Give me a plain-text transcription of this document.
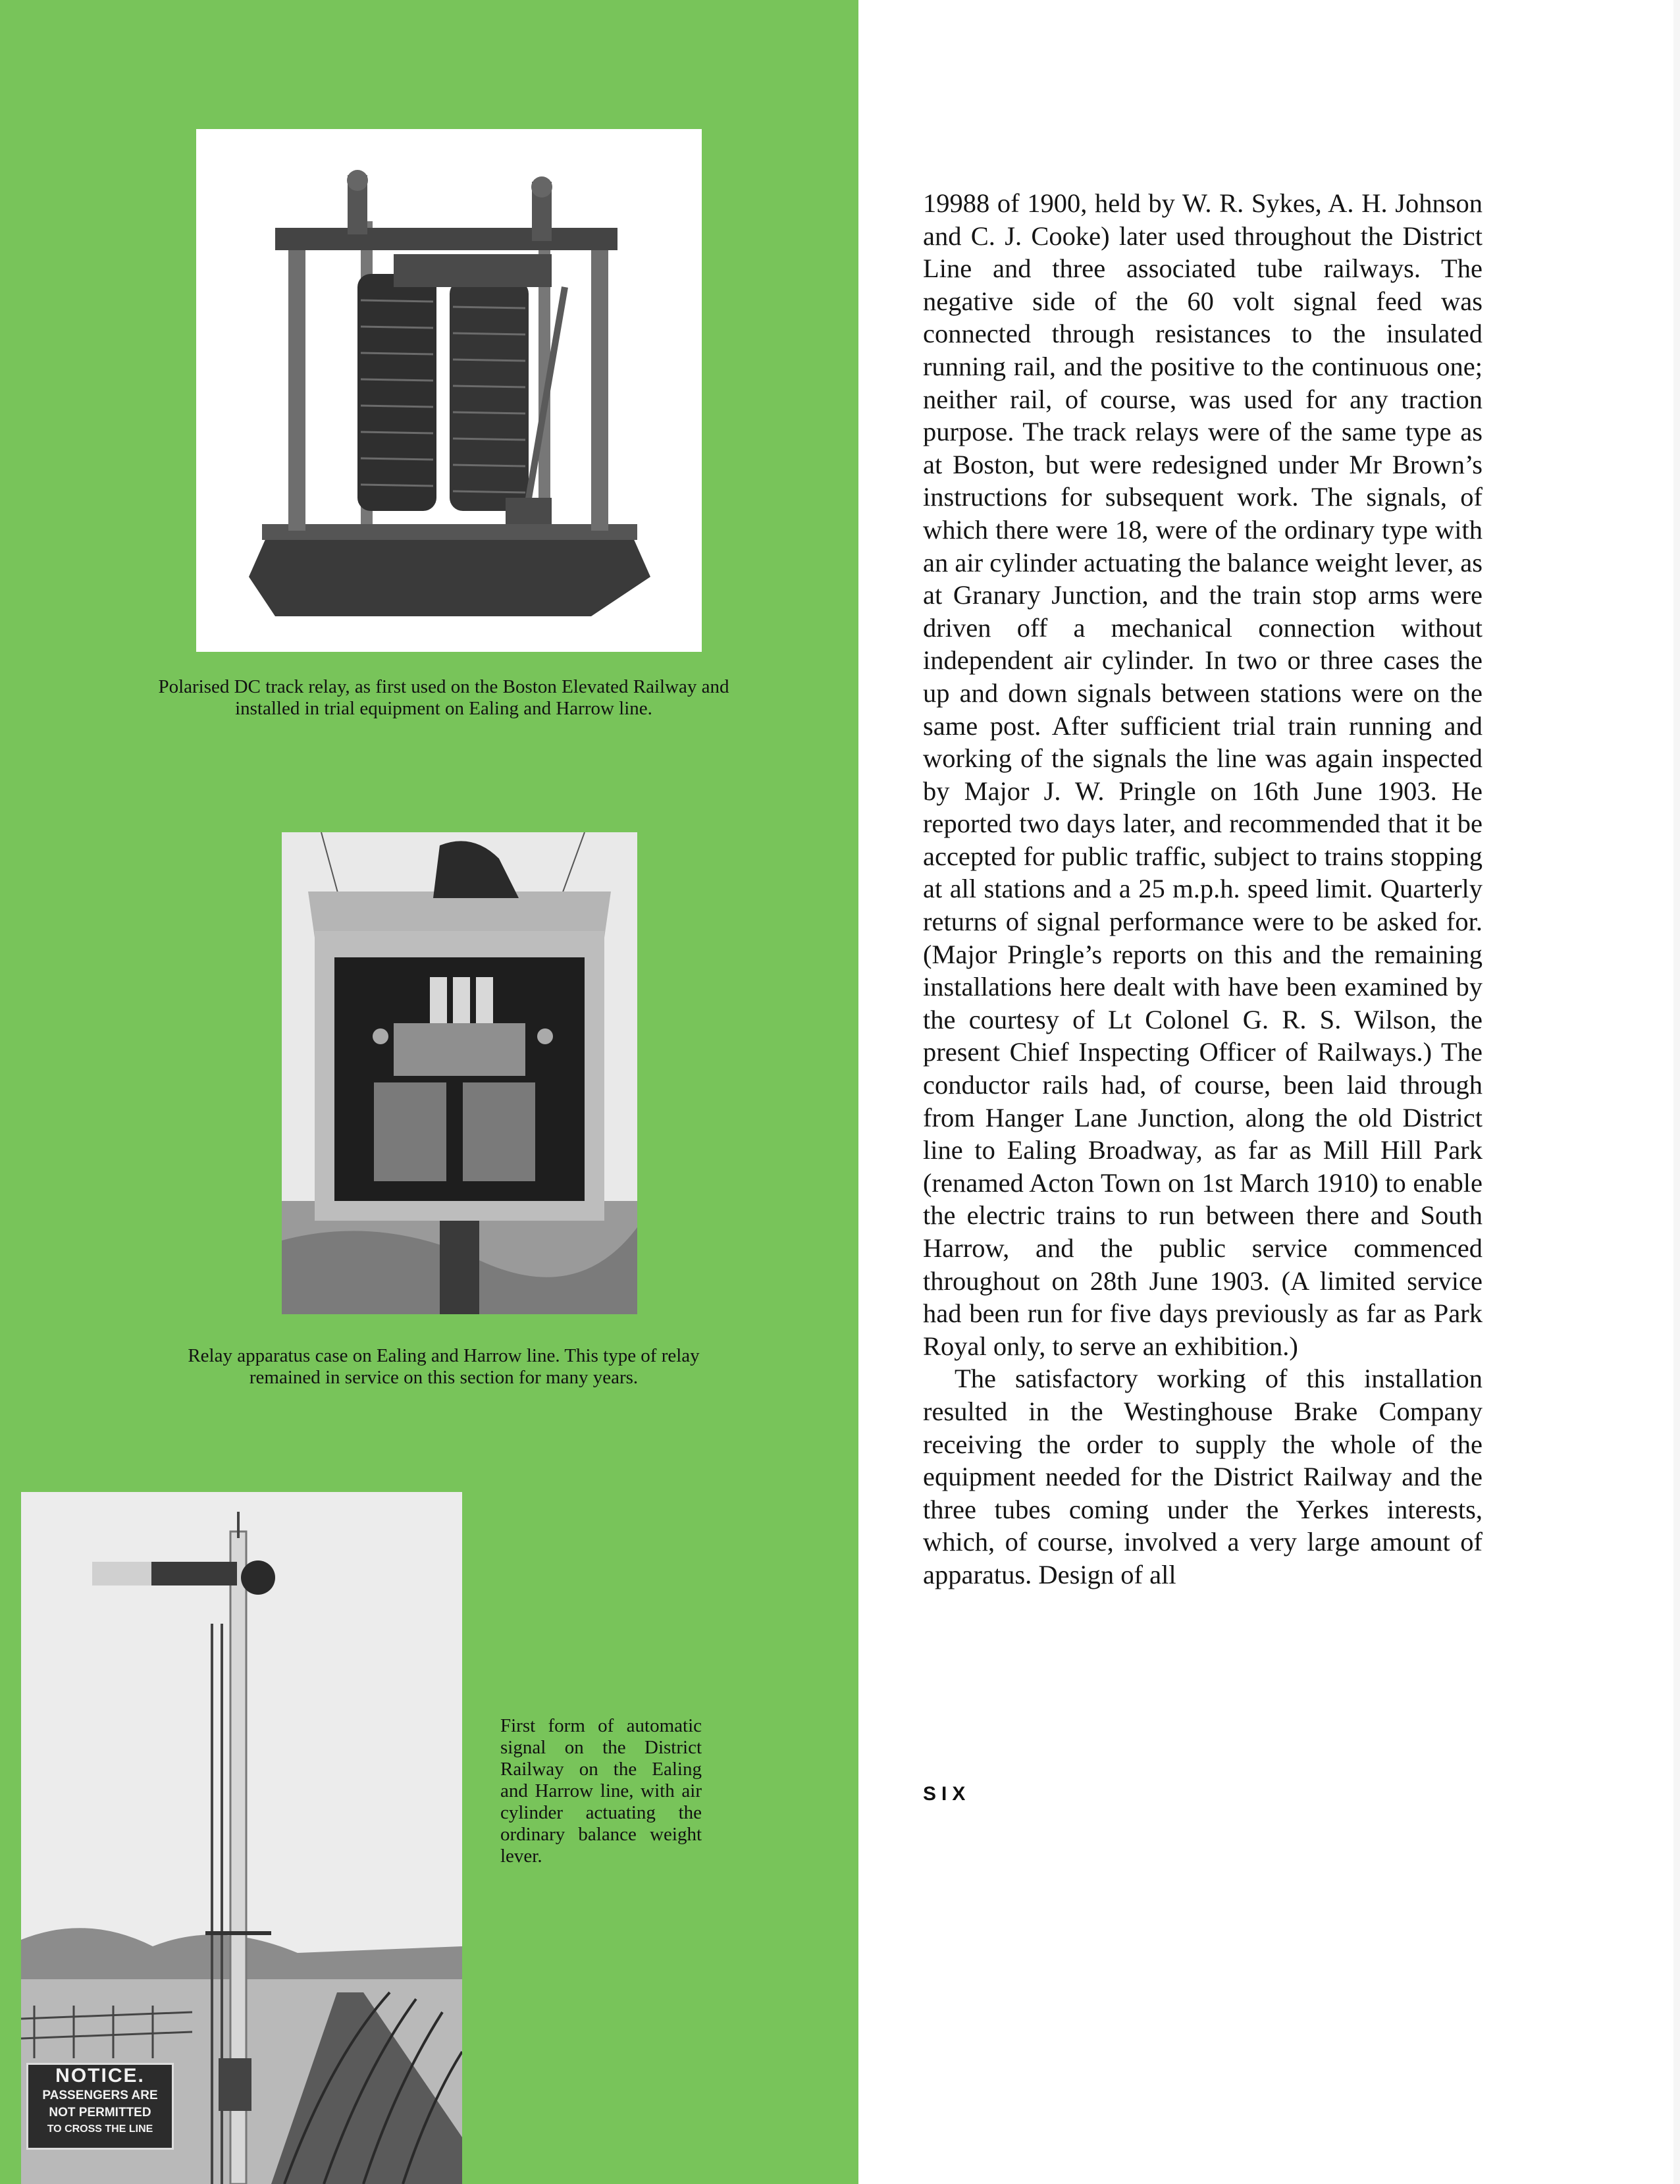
Polarised DC track relay, as first used on the Boston Elevated Railway and installed in trial equipment on Ealing and Harrow line.
Relay apparatus case on Ealing and Harrow line. This type of relay remained in service on this section for many years.
NOTICE.
PASSENGERS ARE
NOT PERMITTED
TO CROSS THE LINE
First form of automatic signal on the District Railway on the Ealing and Harrow line, with air cylinder actuating the ordinary balance weight lever.

19988 of 1900, held by W. R. Sykes, A. H. Johnson and C. J. Cooke) later used throughout the District Line and three associated tube railways. The negative side of the 60 volt signal feed was connected through resistances to the insulated running rail, and the positive to the continuous one; neither rail, of course, was used for any traction purpose. The track relays were of the same type as at Boston, but were redesigned under Mr Brown’s instructions for subsequent work. The signals, of which there were 18, were of the ordinary type with an air cylinder actuating the balance weight lever, as at Granary Junction, and the train stop arms were driven off a mechanical connection without independent air cylinder. In two or three cases the up and down signals between stations were on the same post. After sufficient trial train running and working of the signals the line was again inspected by Major J. W. Pringle on 16th June 1903. He reported two days later, and recommended that it be accepted for public traffic, subject to trains stopping at all stations and a 25 m.p.h. speed limit. Quarterly returns of signal performance were to be asked for. (Major Pringle’s reports on this and the remaining installations here dealt with have been examined by the courtesy of Lt Colonel G. R. S. Wilson, the present Chief Inspecting Officer of Railways.) The conductor rails had, of course, been laid through from Hanger Lane Junction, along the old District line to Ealing Broadway, as far as Mill Hill Park (renamed Acton Town on 1st March 1910) to enable the electric trains to run between there and South Harrow, and the public service commenced throughout on 28th June 1903. (A limited service had been run for five days previously as far as Park Royal only, to serve an exhibition.)

The satisfactory working of this installation resulted in the Westinghouse Brake Company receiving the order to supply the whole of the equipment needed for the District Railway and the three tubes coming under the Yerkes interests, which, of course, involved a very large amount of apparatus. Design of all

SIX
